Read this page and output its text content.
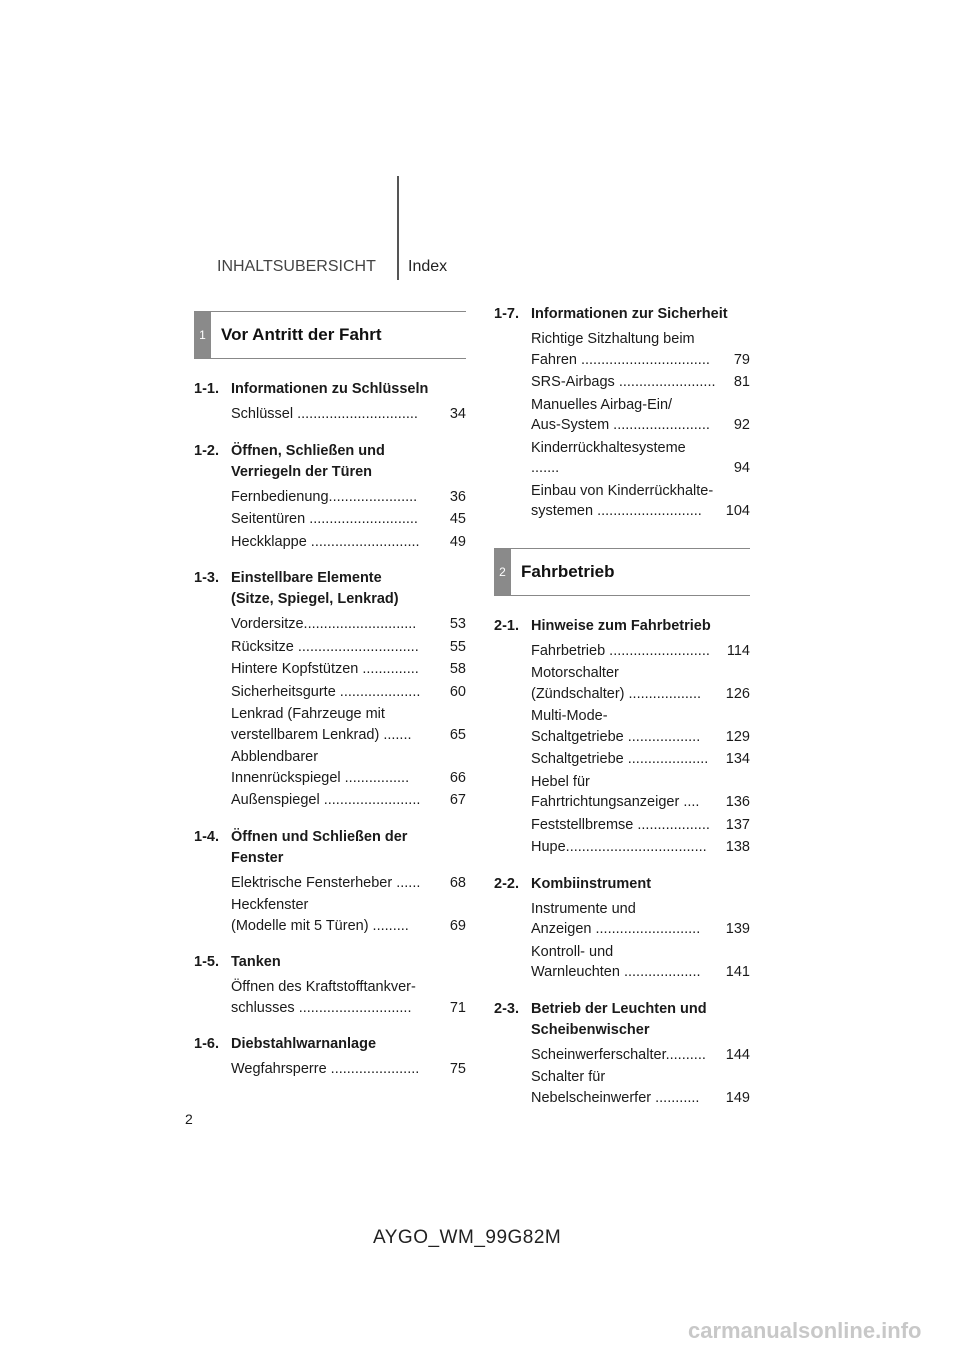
INHALTSUBERSICHT Index
1 Vor Antritt der Fahrt
1-1. Informationen zu Schlüsseln
Schlüssel ..............................	34
1-2. Öffnen, Schließen und
Verriegeln der Türen
Fernbedienung......................	36
Seitentüren ...........................	45
Heckklappe ...........................	49
1-3. Einstellbare Elemente
(Sitze, Spiegel, Lenkrad)
Vordersitze............................	53
Rücksitze ..............................	55
Hintere Kopfstützen ..............	58
Sicherheitsgurte ....................	60
Lenkrad (Fahrzeuge mit
verstellbarem Lenkrad) .......	65
Abblendbarer
Innenrückspiegel ................	66
Außenspiegel ........................	67
1-4. Öffnen und Schließen der
Fenster
Elektrische Fensterheber ......	68
Heckfenster
(Modelle mit 5 Türen) .........	69
1-5. Tanken
Öffnen des Kraftstofftankver-
schlusses ............................	71
1-6. Diebstahlwarnanlage
Wegfahrsperre ......................	75
1-7. Informationen zur Sicherheit
Richtige Sitzhaltung beim
Fahren ................................	79
SRS-Airbags ........................	81
Manuelles Airbag-Ein/
Aus-System ........................	92
Kinderrückhaltesysteme .......	94
Einbau von Kinderrückhalte-
systemen ..........................	104
2 Fahrbetrieb
2-1. Hinweise zum Fahrbetrieb
Fahrbetrieb .........................	114
Motorschalter
(Zündschalter) ..................	126
Multi-Mode-
Schaltgetriebe ..................	129
Schaltgetriebe ....................	134
Hebel für
Fahrtrichtungsanzeiger ....	136
Feststellbremse ..................	137
Hupe...................................	138
2-2. Kombiinstrument
Instrumente und
Anzeigen ..........................	139
Kontroll- und
Warnleuchten ...................	141
2-3. Betrieb der Leuchten und
Scheibenwischer
Scheinwerferschalter..........	144
Schalter für
Nebelscheinwerfer ...........	149
2
AYGO_WM_99G82M
carmanualsonline.info
